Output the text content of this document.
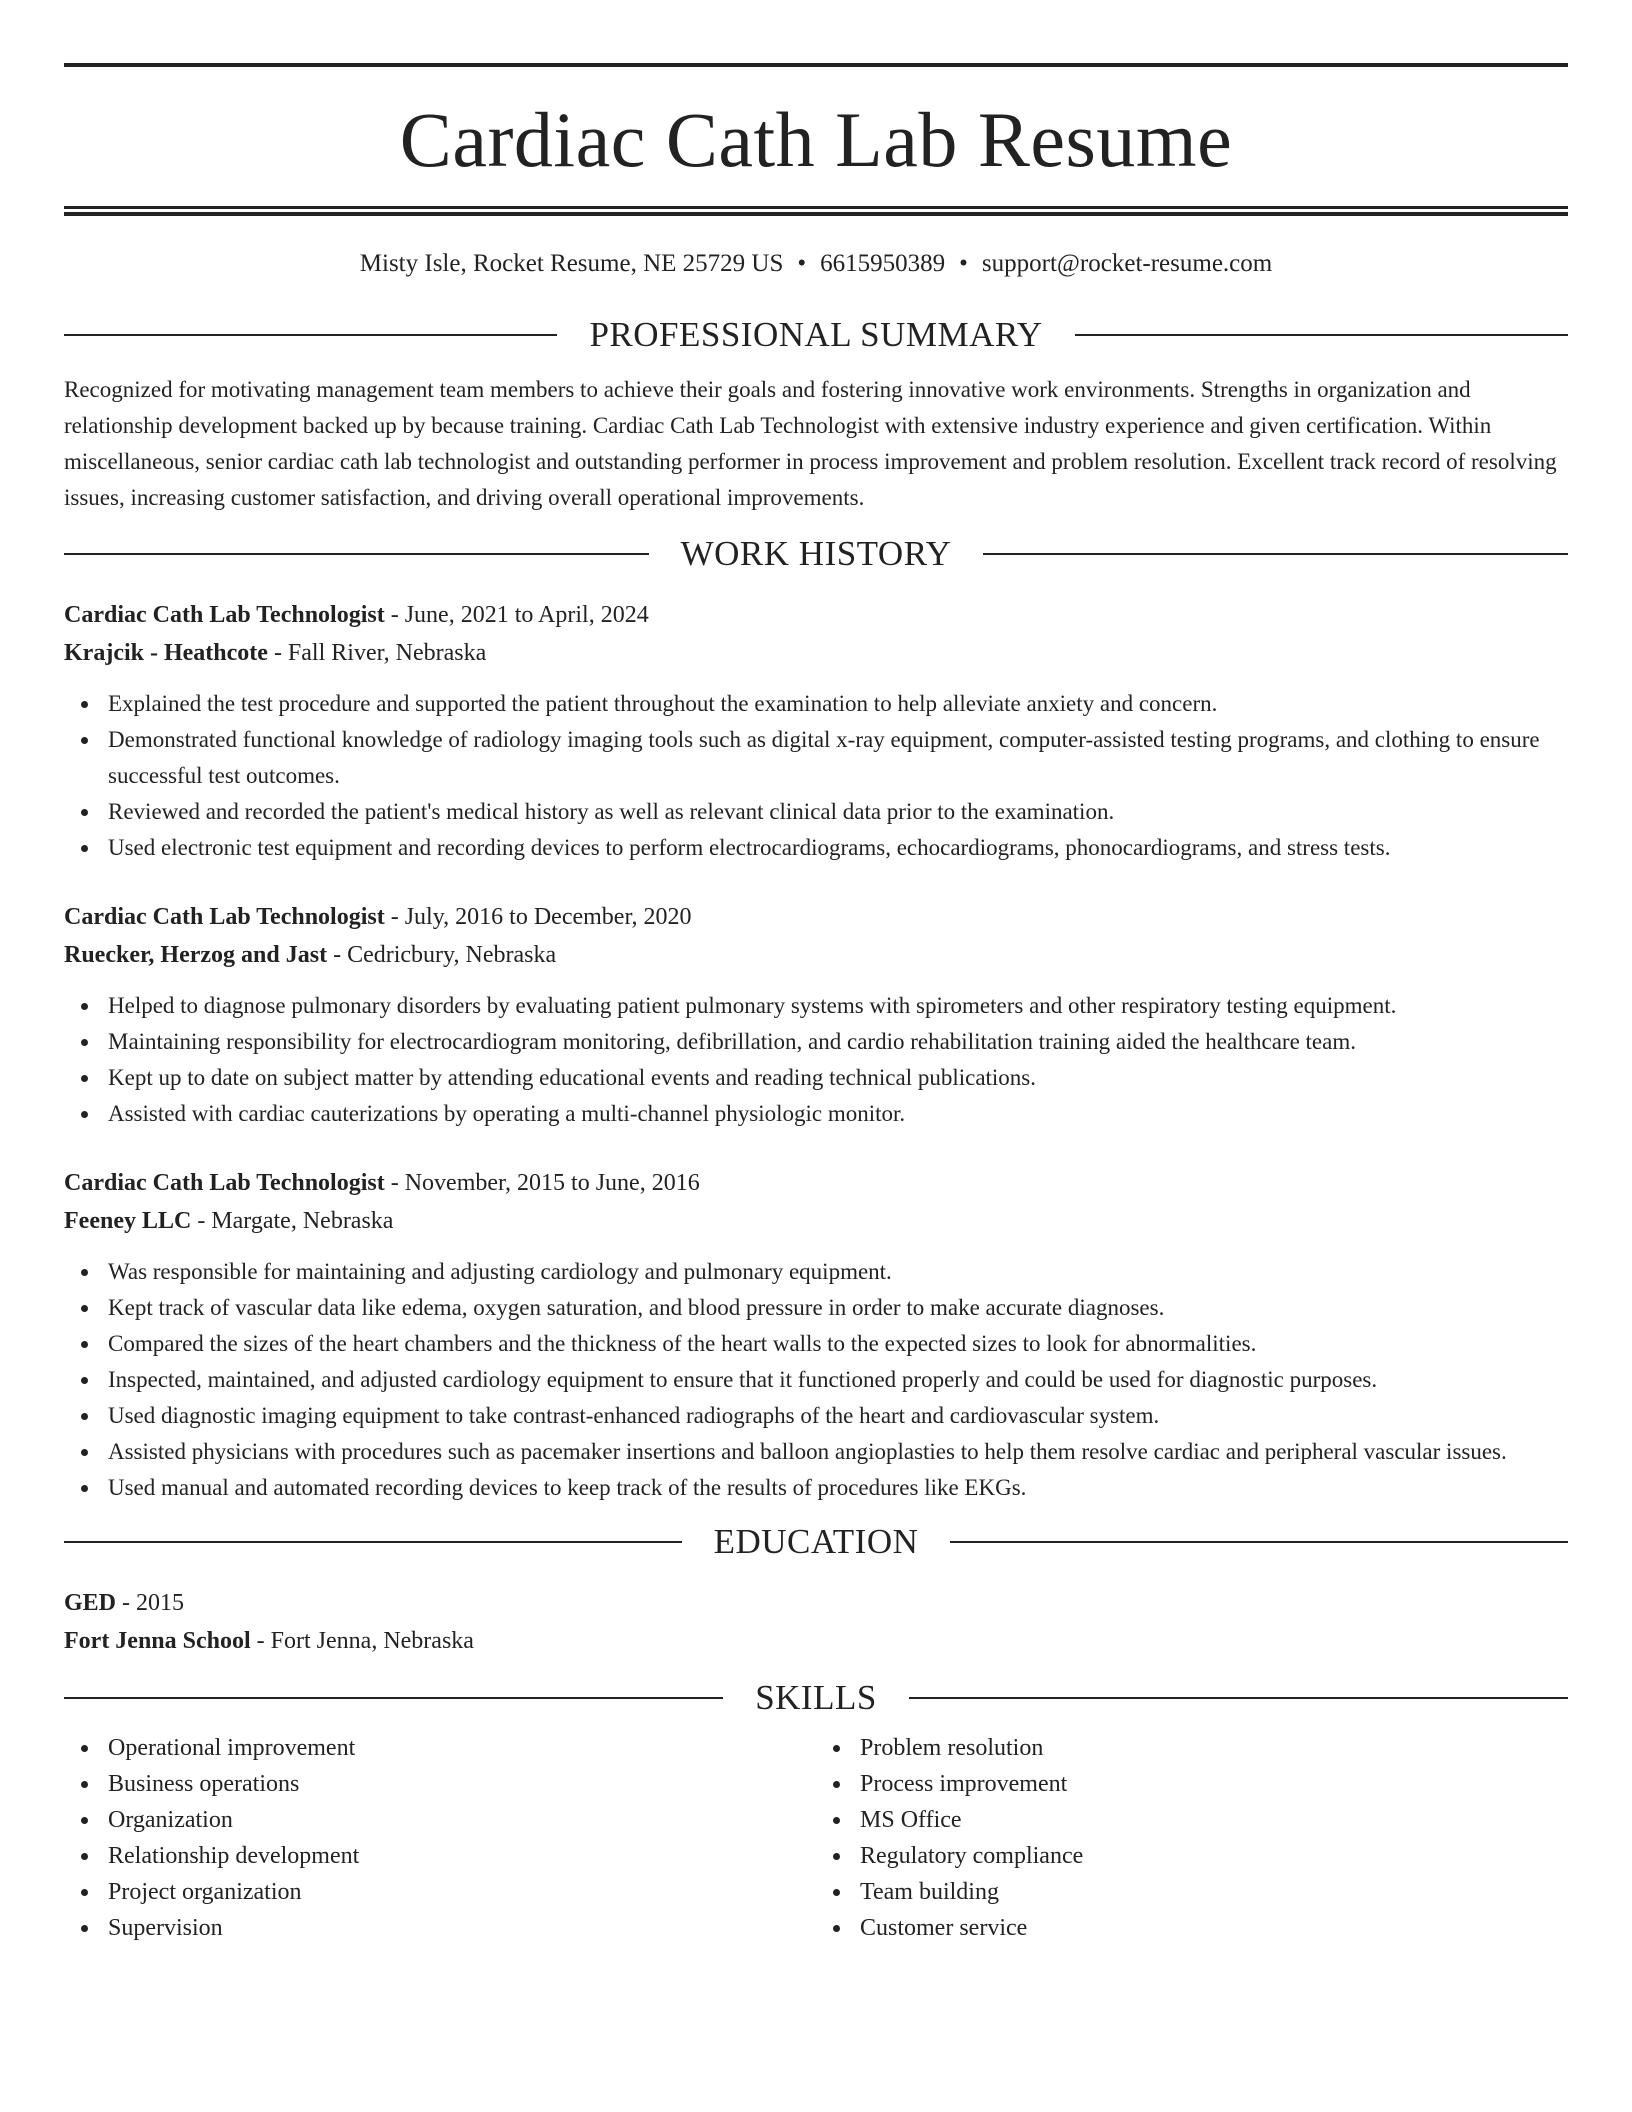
Cardiac Cath Lab Resume
Misty Isle, Rocket Resume, NE 25729 US • 6615950389 • support@rocket-resume.com
PROFESSIONAL SUMMARY
Recognized for motivating management team members to achieve their goals and fostering innovative work environments. Strengths in organization and relationship development backed up by because training. Cardiac Cath Lab Technologist with extensive industry experience and given certification. Within miscellaneous, senior cardiac cath lab technologist and outstanding performer in process improvement and problem resolution. Excellent track record of resolving issues, increasing customer satisfaction, and driving overall operational improvements.
WORK HISTORY
Cardiac Cath Lab Technologist - June, 2021 to April, 2024
Krajcik - Heathcote - Fall River, Nebraska
Explained the test procedure and supported the patient throughout the examination to help alleviate anxiety and concern.
Demonstrated functional knowledge of radiology imaging tools such as digital x-ray equipment, computer-assisted testing programs, and clothing to ensure successful test outcomes.
Reviewed and recorded the patient's medical history as well as relevant clinical data prior to the examination.
Used electronic test equipment and recording devices to perform electrocardiograms, echocardiograms, phonocardiograms, and stress tests.
Cardiac Cath Lab Technologist - July, 2016 to December, 2020
Ruecker, Herzog and Jast - Cedricbury, Nebraska
Helped to diagnose pulmonary disorders by evaluating patient pulmonary systems with spirometers and other respiratory testing equipment.
Maintaining responsibility for electrocardiogram monitoring, defibrillation, and cardio rehabilitation training aided the healthcare team.
Kept up to date on subject matter by attending educational events and reading technical publications.
Assisted with cardiac cauterizations by operating a multi-channel physiologic monitor.
Cardiac Cath Lab Technologist - November, 2015 to June, 2016
Feeney LLC - Margate, Nebraska
Was responsible for maintaining and adjusting cardiology and pulmonary equipment.
Kept track of vascular data like edema, oxygen saturation, and blood pressure in order to make accurate diagnoses.
Compared the sizes of the heart chambers and the thickness of the heart walls to the expected sizes to look for abnormalities.
Inspected, maintained, and adjusted cardiology equipment to ensure that it functioned properly and could be used for diagnostic purposes.
Used diagnostic imaging equipment to take contrast-enhanced radiographs of the heart and cardiovascular system.
Assisted physicians with procedures such as pacemaker insertions and balloon angioplasties to help them resolve cardiac and peripheral vascular issues.
Used manual and automated recording devices to keep track of the results of procedures like EKGs.
EDUCATION
GED - 2015
Fort Jenna School - Fort Jenna, Nebraska
SKILLS
Operational improvement
Business operations
Organization
Relationship development
Project organization
Supervision
Problem resolution
Process improvement
MS Office
Regulatory compliance
Team building
Customer service
